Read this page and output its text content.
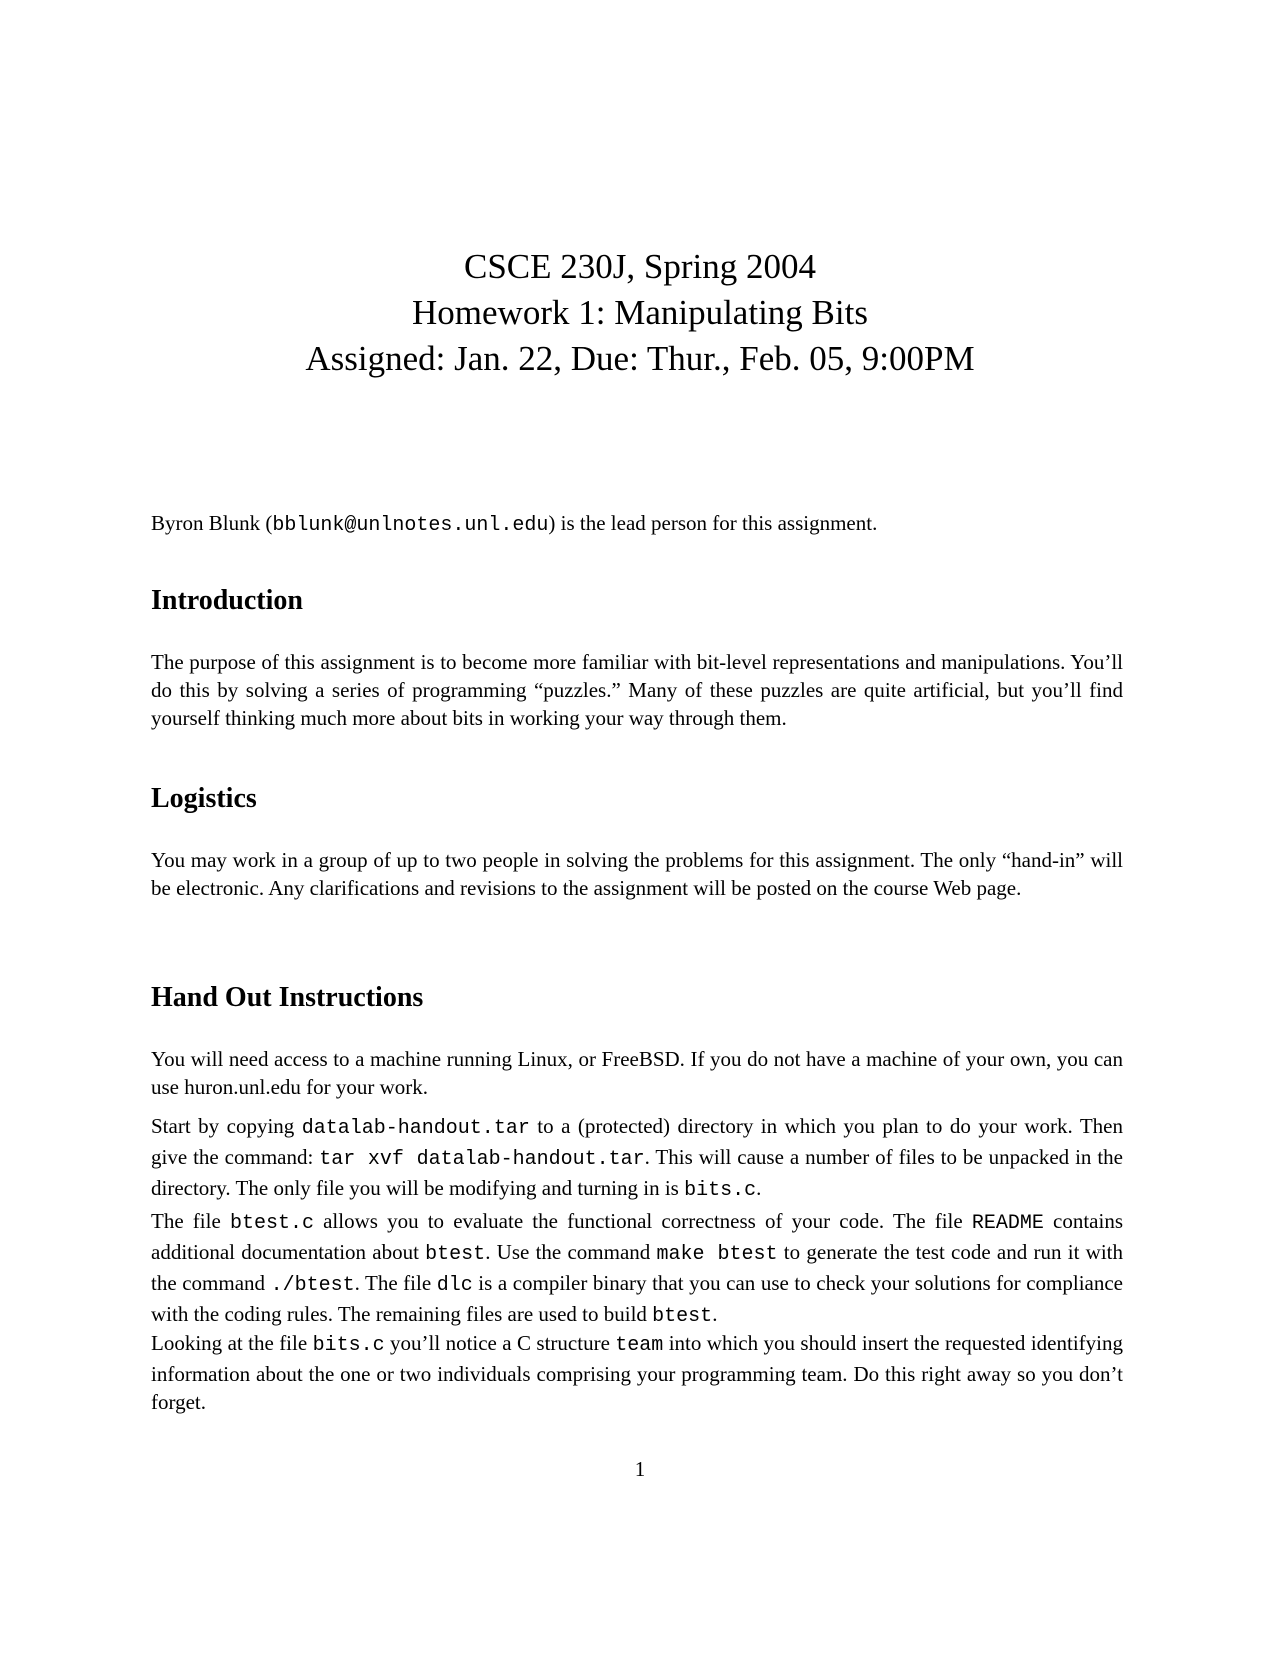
CSCE 230J, Spring 2004
Homework 1: Manipulating Bits
Assigned: Jan. 22, Due: Thur., Feb. 05, 9:00PM
Byron Blunk (bblunk@unlnotes.unl.edu) is the lead person for this assignment.
Introduction
The purpose of this assignment is to become more familiar with bit-level representations and manipulations. You’ll do this by solving a series of programming “puzzles.” Many of these puzzles are quite artificial, but you’ll find yourself thinking much more about bits in working your way through them.
Logistics
You may work in a group of up to two people in solving the problems for this assignment. The only “hand-in” will be electronic. Any clarifications and revisions to the assignment will be posted on the course Web page.
Hand Out Instructions
You will need access to a machine running Linux, or FreeBSD. If you do not have a machine of your own, you can use huron.unl.edu for your work.
Start by copying datalab-handout.tar to a (protected) directory in which you plan to do your work. Then give the command: tar xvf datalab-handout.tar. This will cause a number of files to be unpacked in the directory. The only file you will be modifying and turning in is bits.c.
The file btest.c allows you to evaluate the functional correctness of your code. The file README contains additional documentation about btest. Use the command make btest to generate the test code and run it with the command ./btest. The file dlc is a compiler binary that you can use to check your solutions for compliance with the coding rules. The remaining files are used to build btest.
Looking at the file bits.c you’ll notice a C structure team into which you should insert the requested identifying information about the one or two individuals comprising your programming team. Do this right away so you don’t forget.
1
